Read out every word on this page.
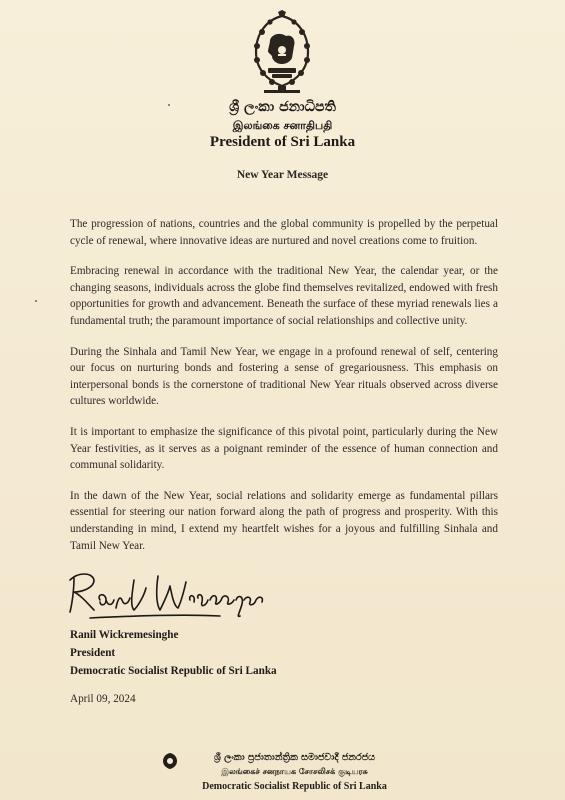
ශ්‍රී ලංකා ජනාධිපති
இலங்கை சனாதிபதி
President of Sri Lanka
New Year Message

The progression of nations, countries and the global community is propelled by the perpetual cycle of renewal, where innovative ideas are nurtured and novel creations come to fruition.

Embracing renewal in accordance with the traditional New Year, the calendar year, or the changing seasons, individuals across the globe find themselves revitalized, endowed with fresh opportunities for growth and advancement. Beneath the surface of these myriad renewals lies a fundamental truth; the paramount importance of social relationships and collective unity.

During the Sinhala and Tamil New Year, we engage in a profound renewal of self, centering our focus on nurturing bonds and fostering a sense of gregariousness. This emphasis on interpersonal bonds is the cornerstone of traditional New Year rituals observed across diverse cultures worldwide.

It is important to emphasize the significance of this pivotal point, particularly during the New Year festivities, as it serves as a poignant reminder of the essence of human connection and communal solidarity.

In the dawn of the New Year, social relations and solidarity emerge as fundamental pillars essential for steering our nation forward along the path of progress and prosperity. With this understanding in mind, I extend my heartfelt wishes for a joyous and fulfilling Sinhala and Tamil New Year.

Ranil Wickremesinghe
President
Democratic Socialist Republic of Sri Lanka
April 09, 2024
ශ්‍රී ලංකා ප්‍රජාතාන්ත්‍රික සමාජවාදී ජනරජය
இலங்கைச் சனநாயக சோசலிசக் குடியரசு
Democratic Socialist Republic of Sri Lanka
